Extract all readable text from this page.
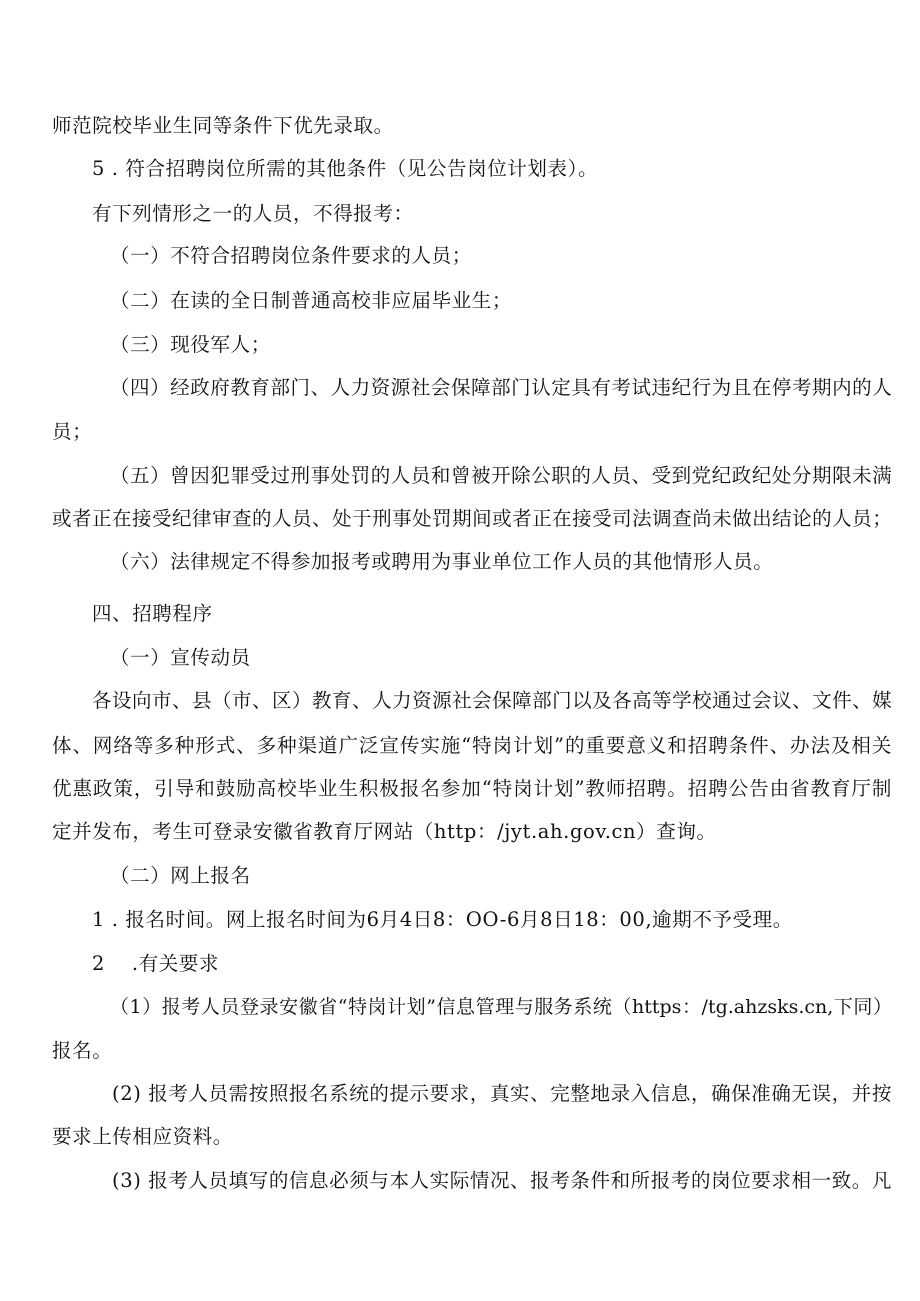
师范院校毕业生同等条件下优先录取。
5 . 符合招聘岗位所需的其他条件（见公告岗位计划表）。
有下列情形之一的人员，不得报考：
（一）不符合招聘岗位条件要求的人员；
（二）在读的全日制普通高校非应届毕业生；
（三）现役军人；
（四）经政府教育部门、人力资源社会保障部门认定具有考试违纪行为且在停考期内的人
员；
（五）曾因犯罪受过刑事处罚的人员和曾被开除公职的人员、受到党纪政纪处分期限未满
或者正在接受纪律审查的人员、处于刑事处罚期间或者正在接受司法调查尚未做出结论的人员；
（六）法律规定不得参加报考或聘用为事业单位工作人员的其他情形人员。
四、招聘程序
（一）宣传动员
各设向市、县（市、区）教育、人力资源社会保障部门以及各高等学校通过会议、文件、媒
体、网络等多种形式、多种渠道广泛宣传实施“特岗计划”的重要意义和招聘条件、办法及相关
优惠政策，引导和鼓励高校毕业生积极报名参加“特岗计划”教师招聘。招聘公告由省教育厅制
定并发布，考生可登录安徽省教育厅网站（http：/jyt.ah.gov.cn）查询。
（二）网上报名
1 . 报名时间。网上报名时间为6月4日8：OO-6月8日18：00,逾期不予受理。
2　 .有关要求
（1）报考人员登录安徽省“特岗计划”信息管理与服务系统（https：/tg.ahzsks.cn,下同）
报名。
(2) 报考人员需按照报名系统的提示要求，真实、完整地录入信息，确保准确无误，并按
要求上传相应资料。
(3) 报考人员填写的信息必须与本人实际情况、报考条件和所报考的岗位要求相一致。凡
